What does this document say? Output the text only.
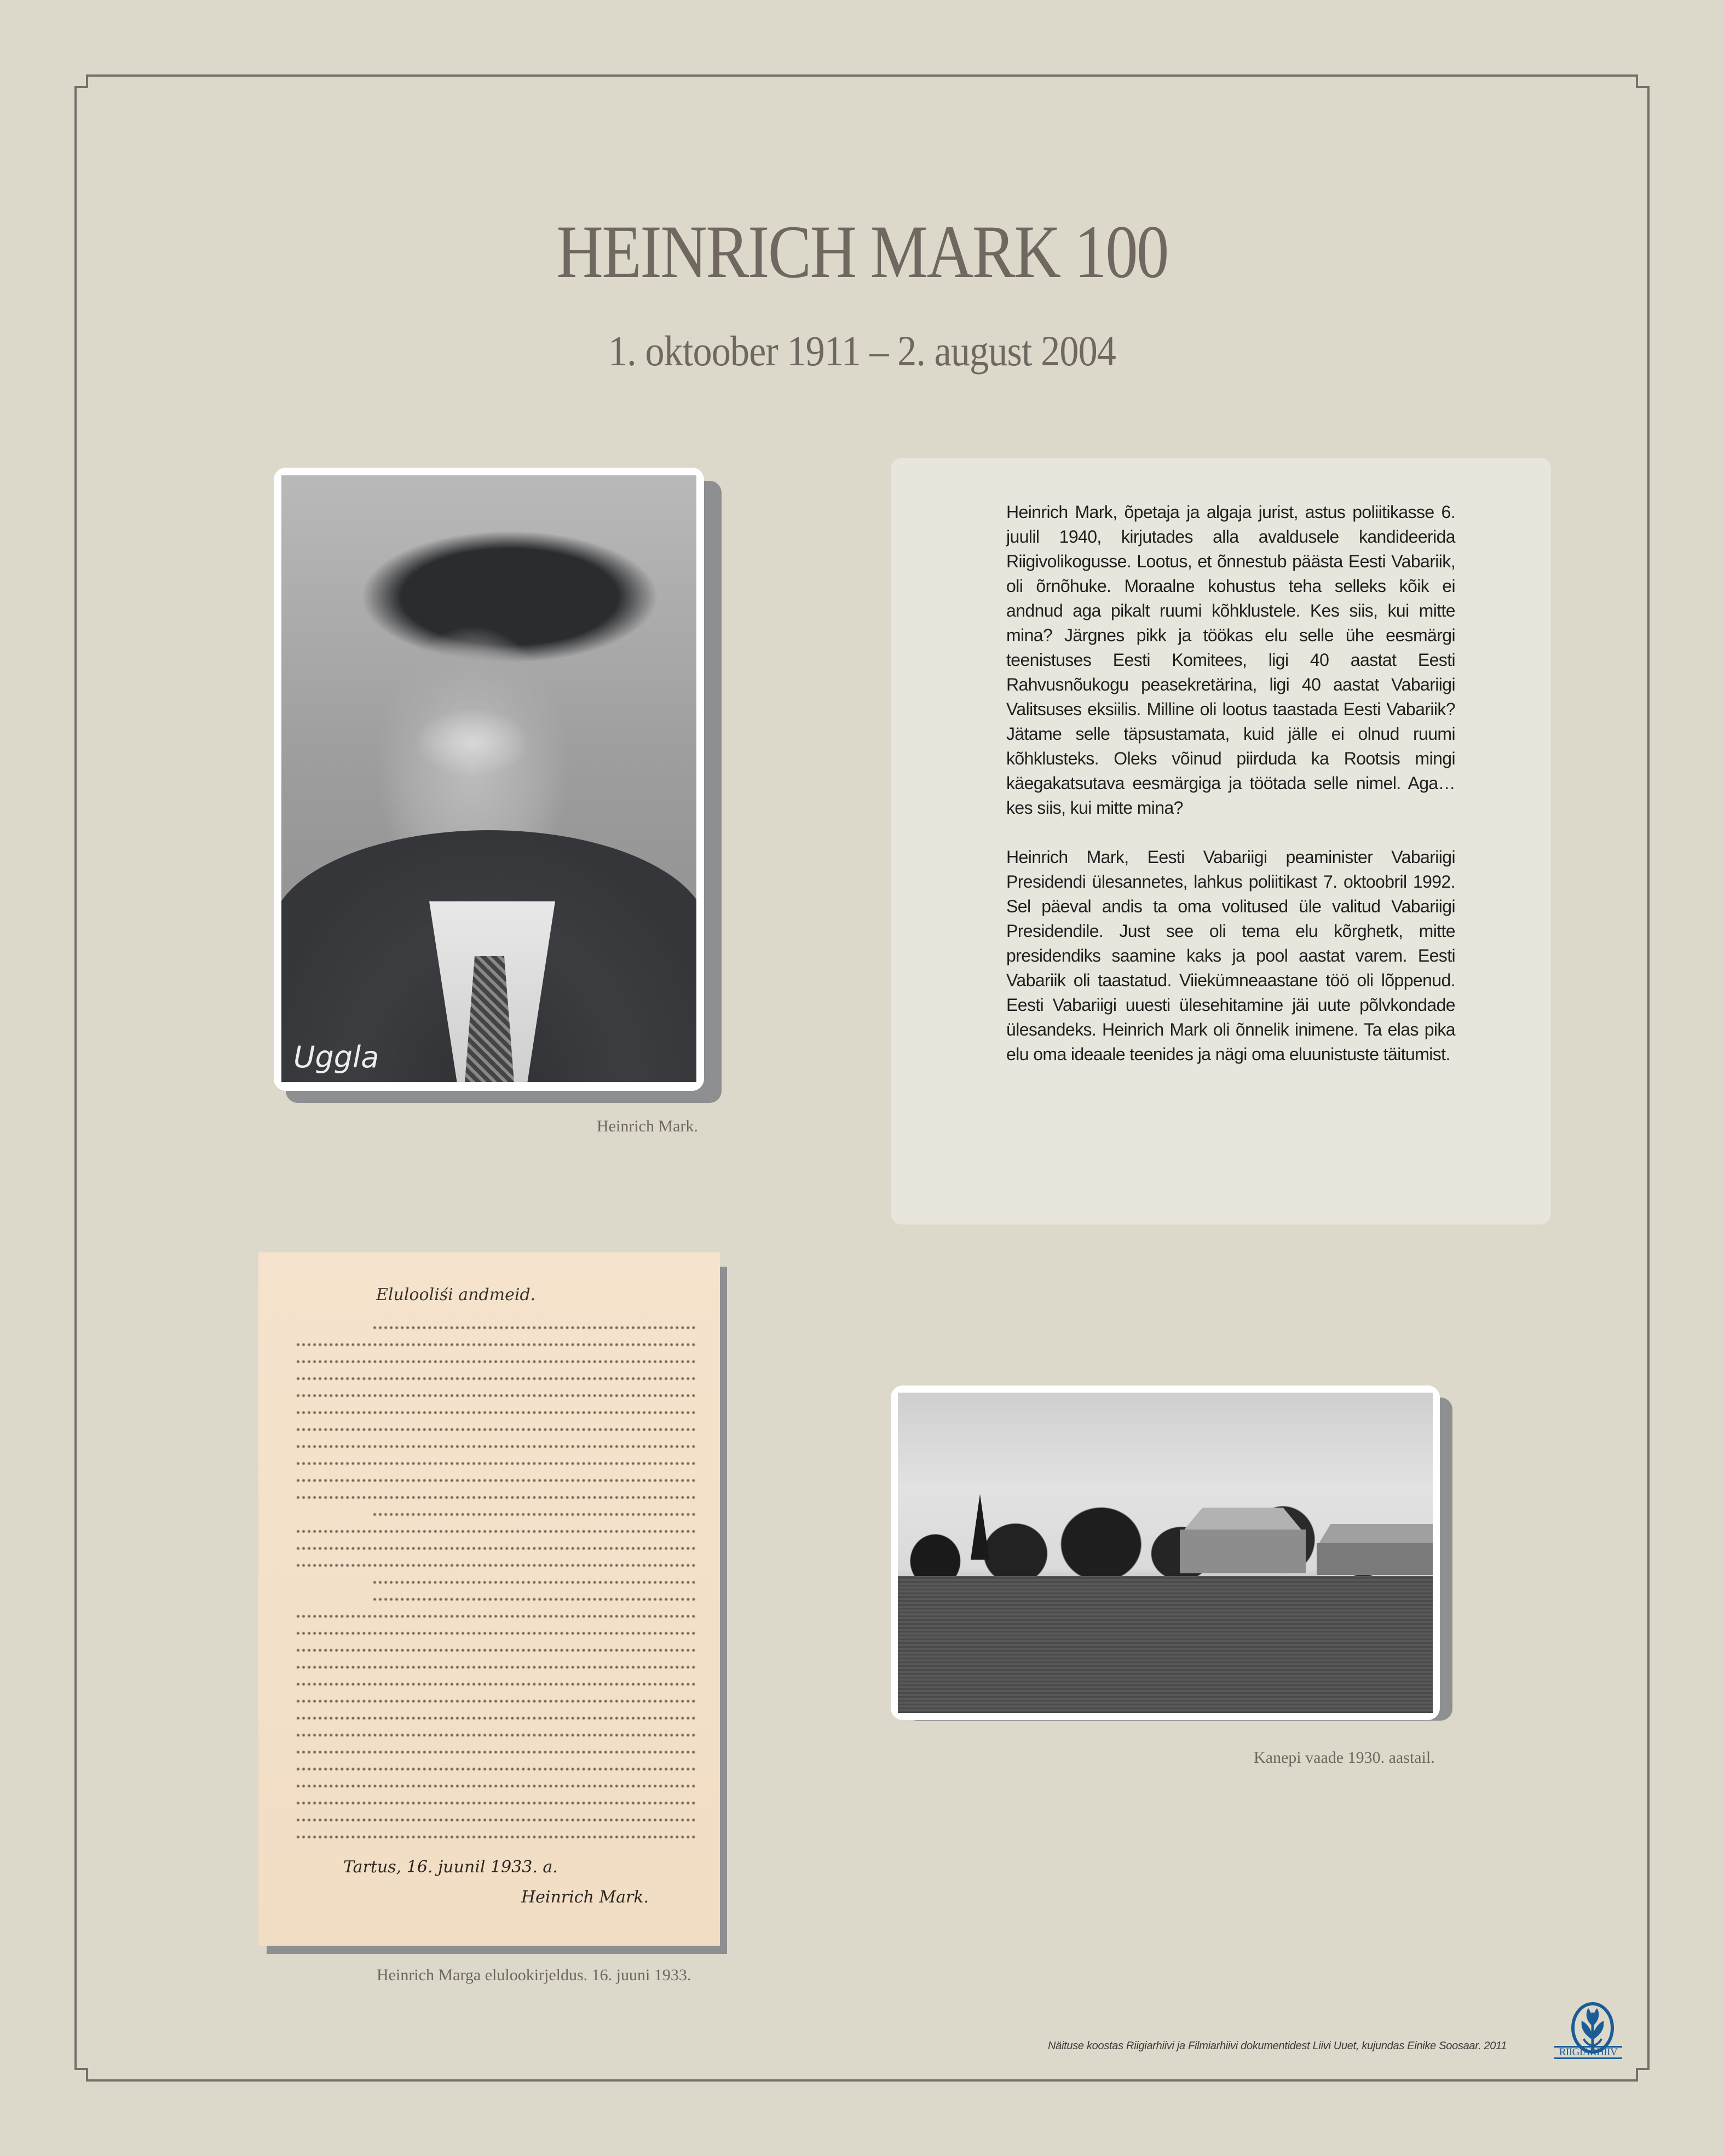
HEINRICH MARK 100
1. oktoober 1911 – 2. august 2004
Uggla
Heinrich Mark.

Heinrich Mark, õpetaja ja algaja jurist, astus poliitikasse 6. juulil 1940, kirjutades alla avaldusele kandideerida Riigivolikogusse. Lootus, et õnnestub päästa Eesti Vabariik, oli õrnõhuke. Moraalne kohustus teha selleks kõik ei andnud aga pikalt ruumi kõhklustele. Kes siis, kui mitte mina? Järgnes pikk ja töökas elu selle ühe eesmärgi teenistuses Eesti Komitees, ligi 40 aastat Eesti Rahvusnõukogu peasekretärina, ligi 40 aastat Vabariigi Valitsuses eksiilis. Milline oli lootus taastada Eesti Vabariik? Jätame selle täpsustamata, kuid jälle ei olnud ruumi kõhklusteks. Oleks võinud piirduda ka Rootsis mingi käegakatsutava eesmärgiga ja töötada selle nimel. Aga… kes siis, kui mitte mina?

Heinrich Mark, Eesti Vabariigi peaminister Vabariigi Presidendi ülesannetes, lahkus poliitikast 7. oktoobril 1992. Sel päeval andis ta oma volitused üle valitud Vabariigi Presidendile. Just see oli tema elu kõrghetk, mitte presidendiks saamine kaks ja pool aastat varem. Eesti Vabariik oli taastatud. Viiekümneaastane töö oli lõppenud. Eesti Vabariigi uuesti ülesehitamine jäi uute põlvkondade ülesandeks. Heinrich Mark oli õnnelik inimene. Ta elas pika elu oma ideaale teenides ja nägi oma eluunistuste täitumist.

Elulooliśi andmeid.
Tartus, 16. juunil 1933. a.
Heinrich Mark.
Heinrich Marga elulookirjeldus. 16. juuni 1933.
Kanepi vaade 1930. aastail.
Näituse koostas Riigiarhiivi ja Filmiarhiivi dokumentidest Liivi Uuet, kujundas Einike Soosaar. 2011
RIIGIARHIIV
